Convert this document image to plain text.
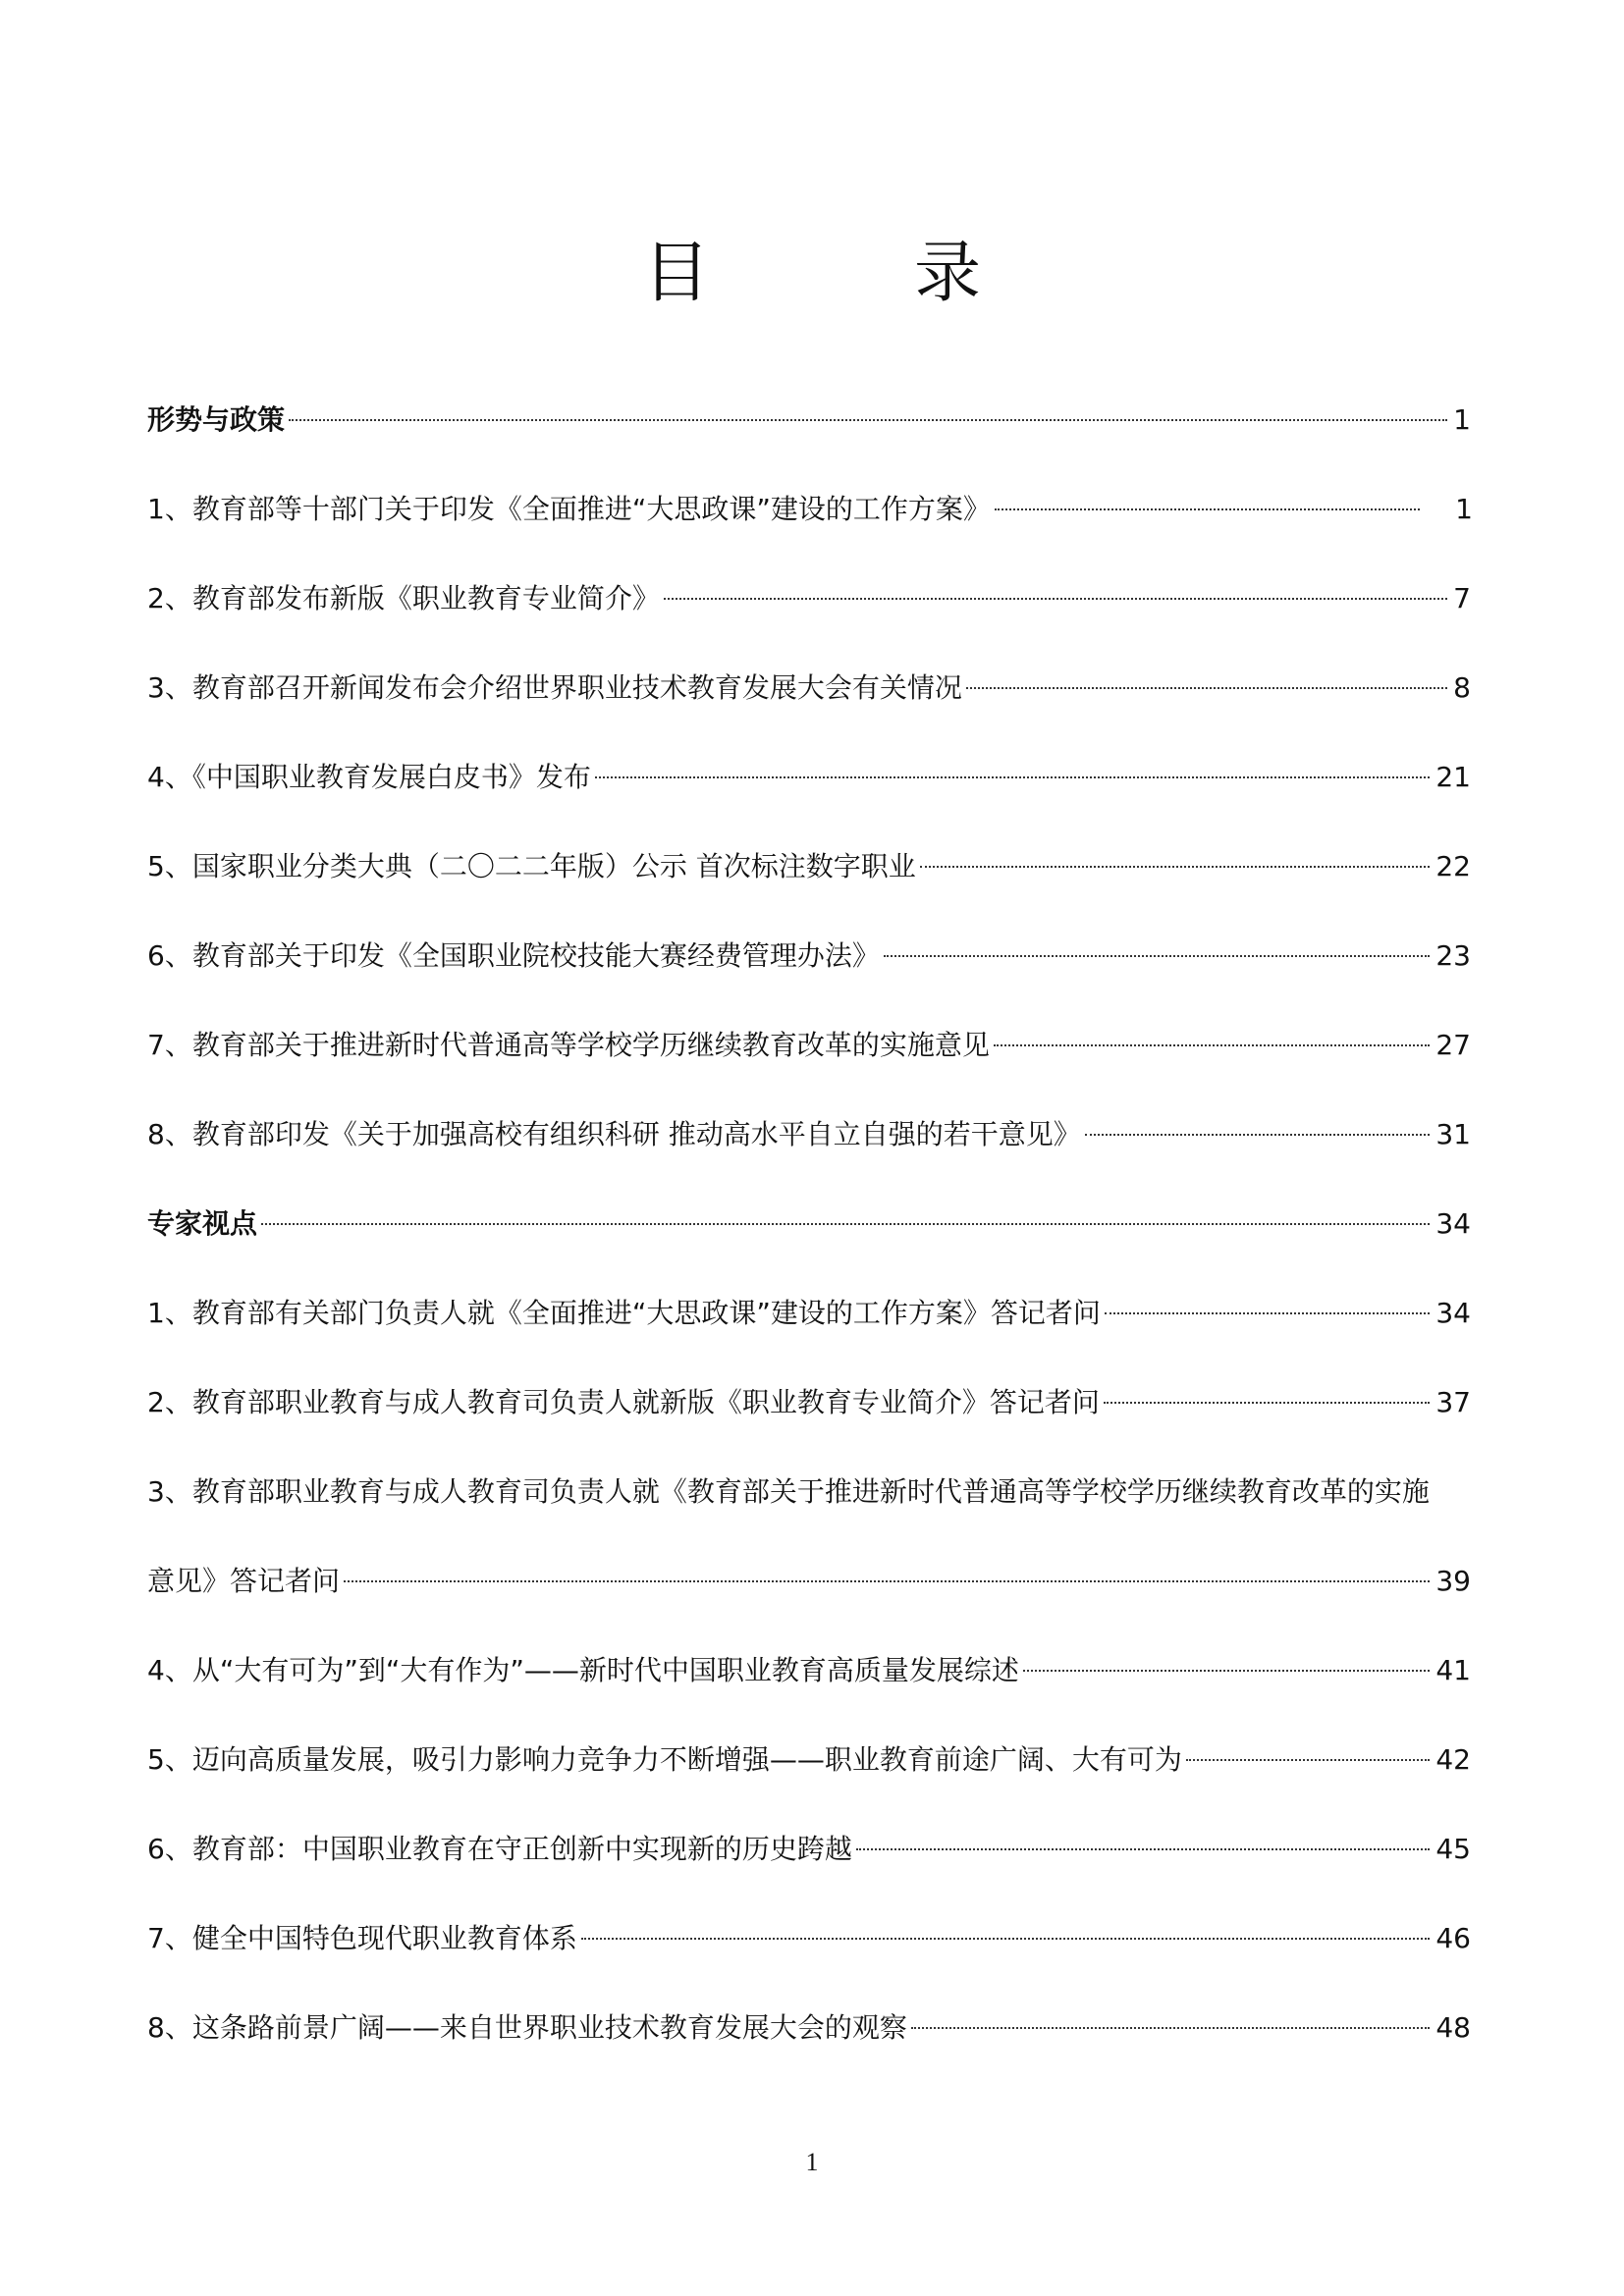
目　录
形势与政策	1
1、教育部等十部门关于印发《全面推进“大思政课”建设的工作方案》	1
2、教育部发布新版《职业教育专业简介》	7
3、教育部召开新闻发布会介绍世界职业技术教育发展大会有关情况	8
4、《中国职业教育发展白皮书》发布	21
5、国家职业分类大典（二〇二二年版）公示 首次标注数字职业	22
6、教育部关于印发《全国职业院校技能大赛经费管理办法》	23
7、教育部关于推进新时代普通高等学校学历继续教育改革的实施意见	27
8、教育部印发《关于加强高校有组织科研 推动高水平自立自强的若干意见》	31
专家视点	34
1、教育部有关部门负责人就《全面推进“大思政课”建设的工作方案》答记者问	34
2、教育部职业教育与成人教育司负责人就新版《职业教育专业简介》答记者问	37
3、教育部职业教育与成人教育司负责人就《教育部关于推进新时代普通高等学校学历继续教育改革的实施
意见》答记者问	39
4、从“大有可为”到“大有作为”——新时代中国职业教育高质量发展综述	41
5、迈向高质量发展，吸引力影响力竞争力不断增强——职业教育前途广阔、大有可为	42
6、教育部：中国职业教育在守正创新中实现新的历史跨越	45
7、健全中国特色现代职业教育体系	46
8、这条路前景广阔——来自世界职业技术教育发展大会的观察	48
1
